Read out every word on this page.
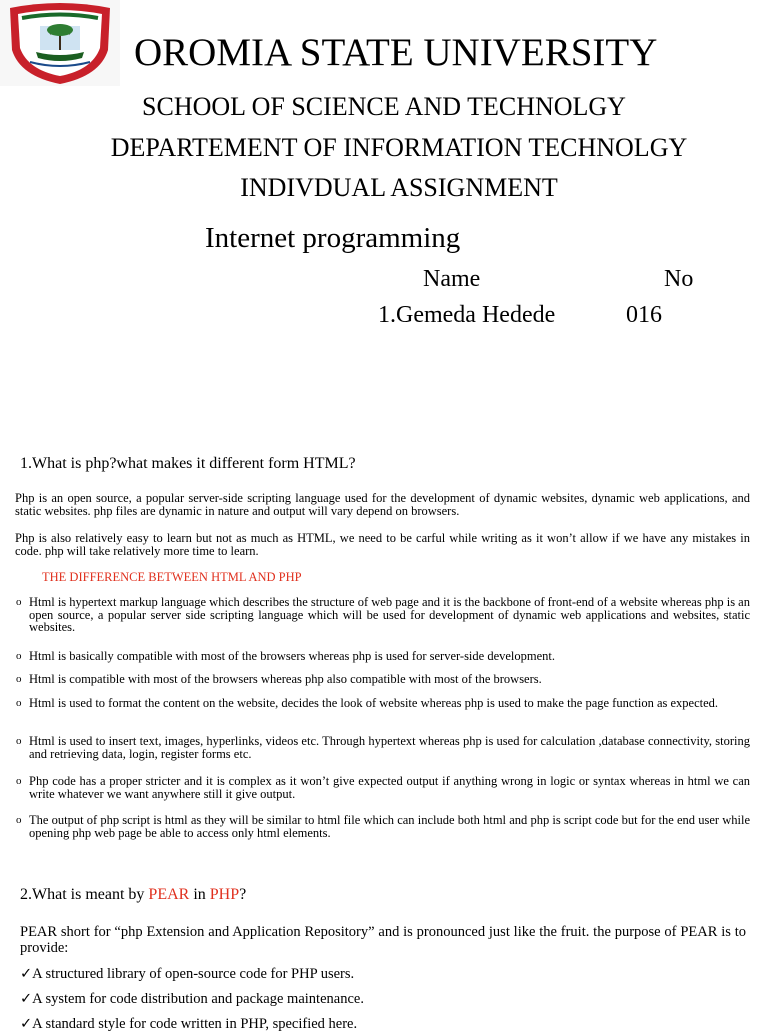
OROMIA STATE UNIVERSITY
SCHOOL OF SCIENCE AND TECHNOLGY
DEPARTEMENT OF INFORMATION TECHNOLGY
INDIVDUAL ASSIGNMENT
Internet programming
Name	No
1.Gemeda Hedede	016
1.What is php?what makes it different form HTML?
Php is an open source, a popular server-side scripting language used for the development of dynamic websites, dynamic web applications, and static websites. php files are dynamic in nature and output will vary depend on browsers.
Php is also relatively easy to learn but not as much as HTML, we need to be carful while writing as it won’t allow if we have any mistakes in code. php will take relatively more time to learn.
THE DIFFERENCE BETWEEN HTML AND PHP
o Html is hypertext markup language which describes the structure of web page and it is the backbone of front-end of a website whereas php is an open source, a popular server side scripting language which will be used for development of dynamic web applications and websites, static websites.
o Html is basically compatible with most of the browsers whereas php is used for server-side development.
o Html is compatible with most of the browsers whereas php also compatible with most of the browsers.
o Html is used to format the content on the website, decides the look of website whereas php is used to make the page function as expected.
o Html is used to insert text, images, hyperlinks, videos etc. Through hypertext whereas php is used for calculation ,database connectivity, storing and retrieving data, login, register forms etc.
o Php code has a proper stricter and it is complex as it won’t give expected output if anything wrong in logic or syntax whereas in html we can write whatever we want anywhere still it give output.
o The output of php script is html as they will be similar to html file which can include both html and php is script code but for the end user while opening php web page be able to access only html elements.
2.What is meant by PEAR in PHP?
PEAR short for “php Extension and Application Repository” and is pronounced just like the fruit. the purpose of PEAR is to provide:
✓A structured library of open-source code for PHP users.
✓A system for code distribution and package maintenance.
✓A standard style for code written in PHP, specified here.
